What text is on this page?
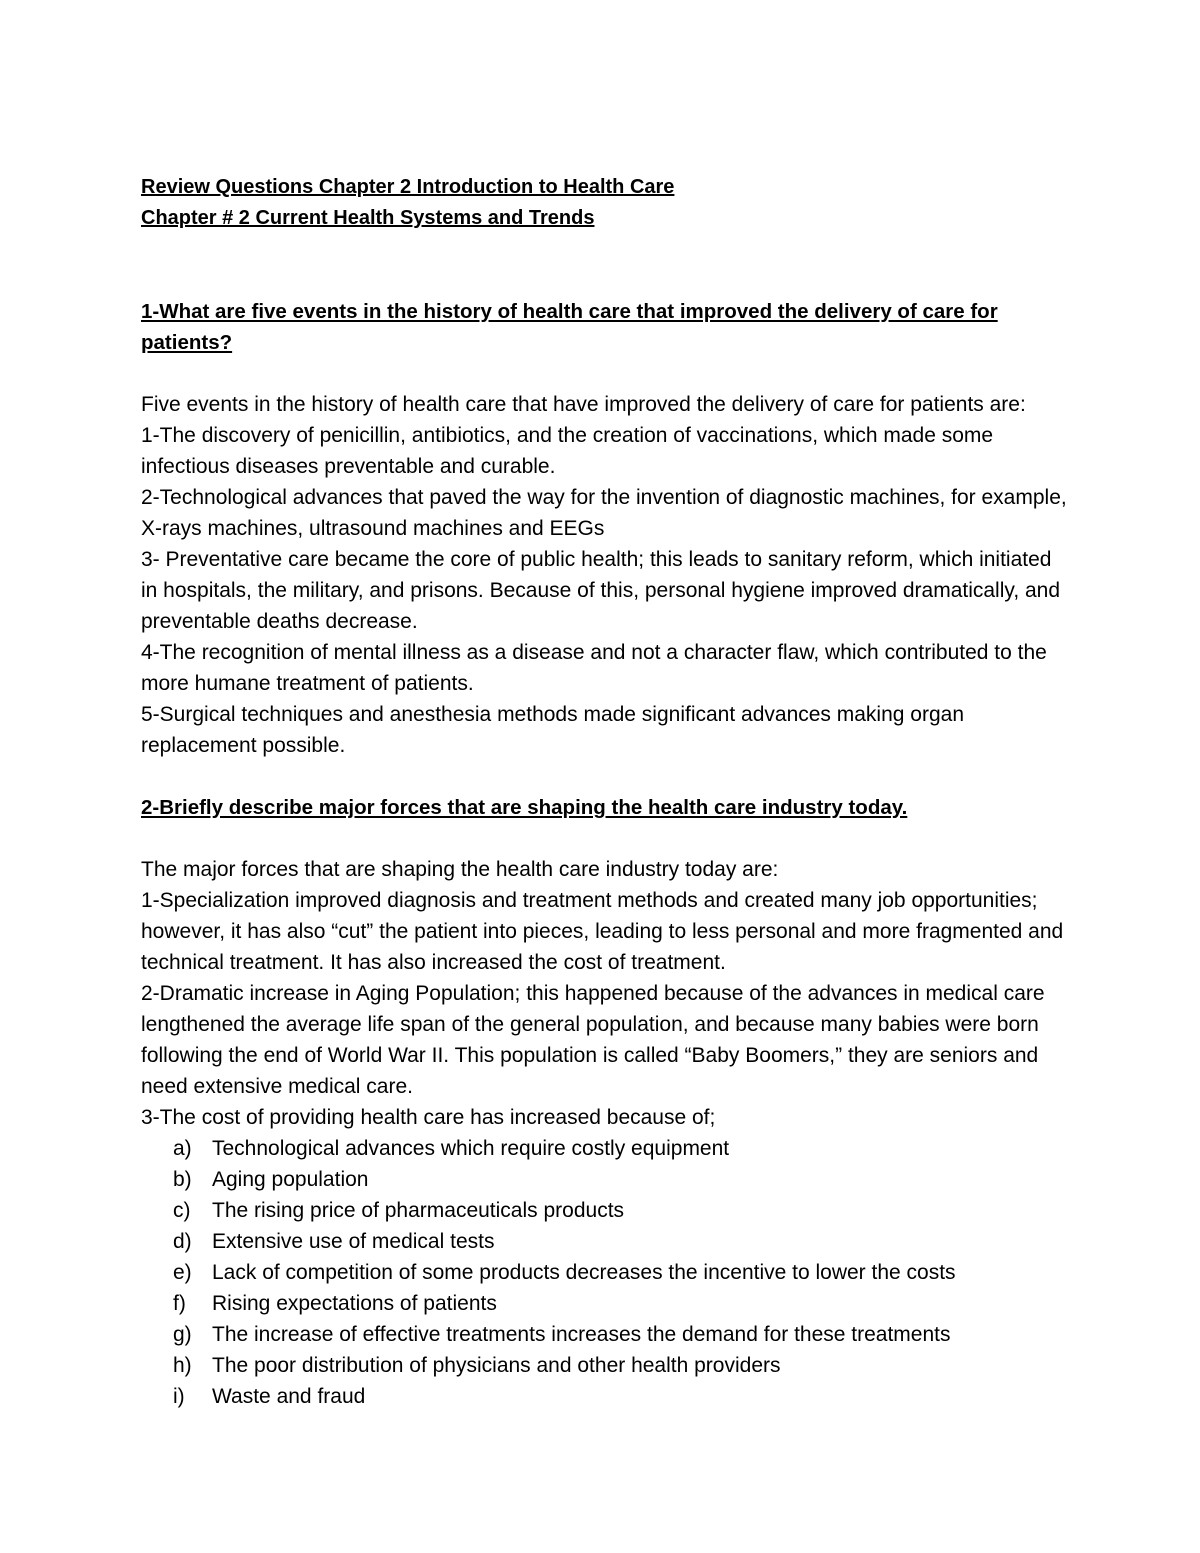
Review Questions Chapter 2 Introduction to Health Care

Chapter # 2 Current Health Systems and Trends

1-What are five events in the history of health care that improved the delivery of care for patients?

Five events in the history of health care that have improved the delivery of care for patients are:

1-The discovery of penicillin, antibiotics, and the creation of vaccinations, which made some infectious diseases preventable and curable.

2-Technological advances that paved the way for the invention of diagnostic machines, for example, X-rays machines, ultrasound machines and EEGs

3- Preventative care became the core of public health; this leads to sanitary reform, which initiated in hospitals, the military, and prisons. Because of this, personal hygiene improved dramatically, and preventable deaths decrease.

4-The recognition of mental illness as a disease and not a character flaw, which contributed to the more humane treatment of patients.

5-Surgical techniques and anesthesia methods made significant advances making organ replacement possible.

2-Briefly describe major forces that are shaping the health care industry today.

The major forces that are shaping the health care industry today are:

1-Specialization improved diagnosis and treatment methods and created many job opportunities; however, it has also “cut” the patient into pieces, leading to less personal and more fragmented and technical treatment. It has also increased the cost of treatment.

2-Dramatic increase in Aging Population; this happened because of the advances in medical care lengthened the average life span of the general population, and because many babies were born following the end of World War II. This population is called “Baby Boomers,” they are seniors and need extensive medical care.

3-The cost of providing health care has increased because of;

a) Technological advances which require costly equipment
b) Aging population
c) The rising price of pharmaceuticals products
d) Extensive use of medical tests
e) Lack of competition of some products decreases the incentive to lower the costs
f) Rising expectations of patients
g) The increase of effective treatments increases the demand for these treatments
h) The poor distribution of physicians and other health providers
i) Waste and fraud
